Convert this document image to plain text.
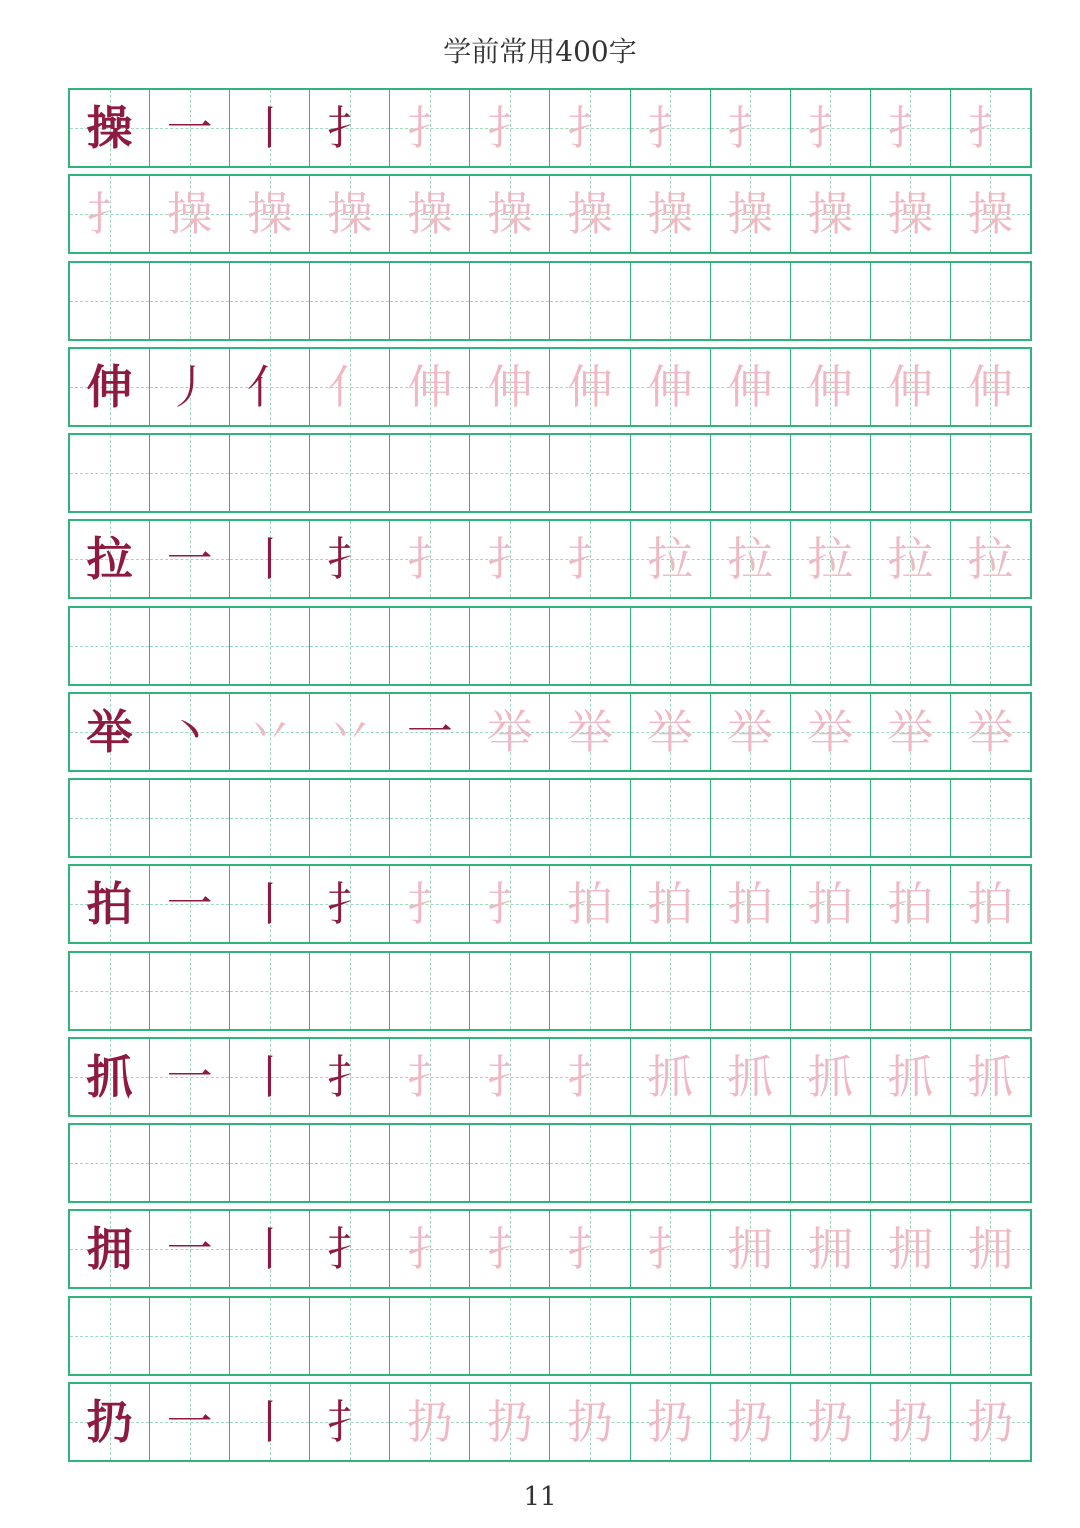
学前常用400字
操 一 丨 扌 扌 扌 扌 扌 扌 扌 扌 扌
扌 操 操 操 操 操 操 操 操 操 操 操
伸 丿 亻 亻 伸 伸 伸 伸 伸 伸 伸 伸
拉 一 丨 扌 扌 扌 扌 拉 拉 拉 拉 拉
举 丶 丷 丷 一 举 举 举 举 举 举 举
拍 一 丨 扌 扌 扌 拍 拍 拍 拍 拍 拍
抓 一 丨 扌 扌 扌 扌 抓 抓 抓 抓 抓
拥 一 丨 扌 扌 扌 扌 扌 拥 拥 拥 拥
扔 一 丨 扌 扔 扔 扔 扔 扔 扔 扔 扔
11
